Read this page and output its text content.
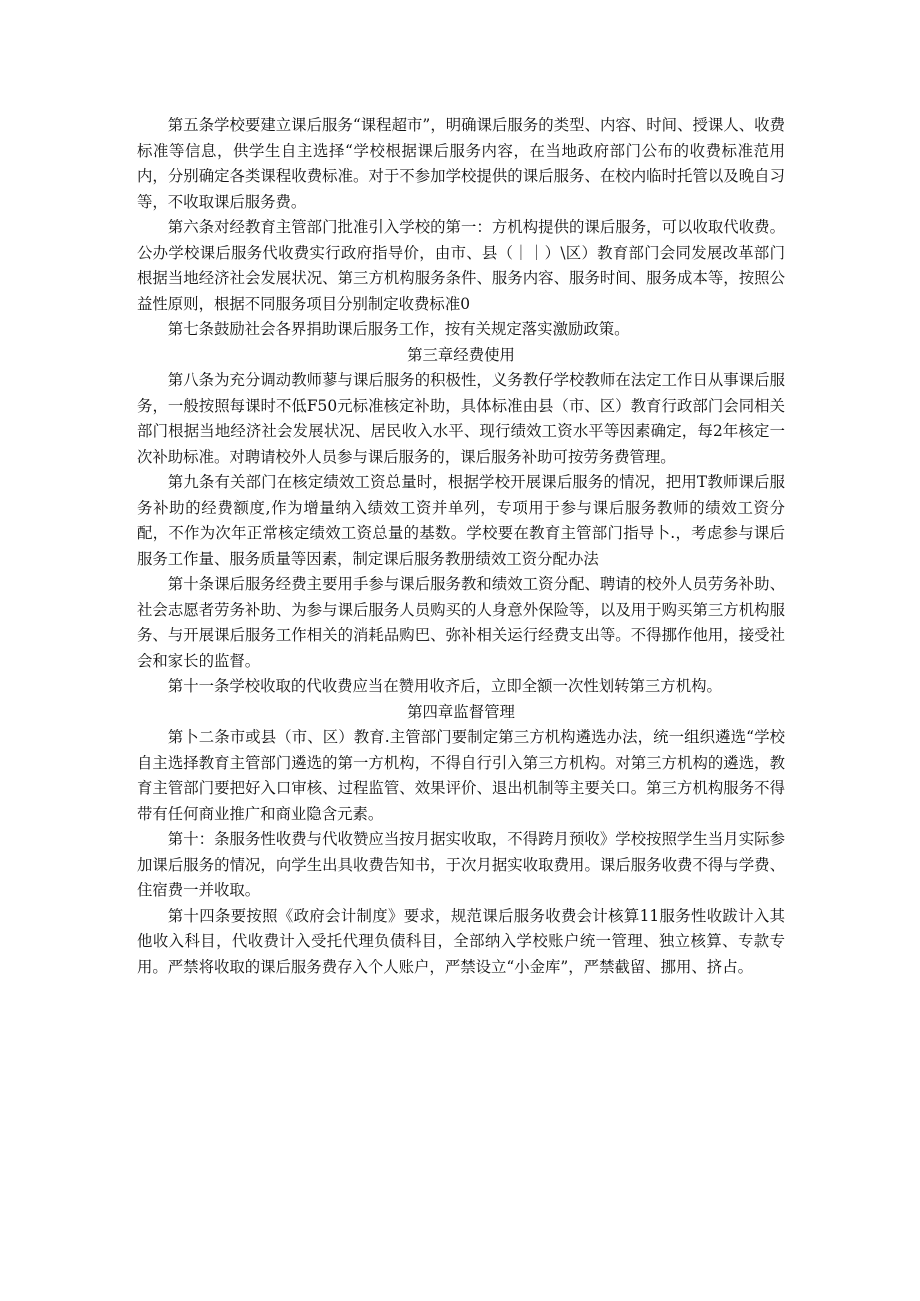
第五条学校要建立课后服务“课程超市”，明确课后服务的类型、内容、时间、授课人、收费标准等信息，供学生自主选择“学校根据课后服务内容，在当地政府部门公布的收费标准范用内，分别确定各类课程收费标准。对于不参加学校提供的课后服务、在校内临时托管以及晚自习等，不收取课后服务费。

第六条对经教育主管部门批准引入学校的第一：方机构提供的课后服务，可以收取代收费。公办学校课后服务代收费实行政府指导价，由市、县（｜｜）\区）教育部门会同发展改革部门根据当地经济社会发展状况、第三方机构服务条件、服务内容、服务时间、服务成本等，按照公益性原则，根据不同服务项目分别制定收费标准0

第七条鼓励社会各界捐助课后服务工作，按有关规定落实激励政策。

第三章经费使用

第八条为充分调动教师蓼与课后服务的积极性，义务教仔学校教师在法定工作日从事课后服务，一般按照每课时不低F50元标准核定补助，具体标准由县（市、区）教育行政部门会同相关部门根据当地经济社会发展状况、居民收入水平、现行绩效工资水平等因素确定，每2年核定一次补助标准。对聘请校外人员参与课后服务的，课后服务补助可按劳务费管理。

第九条有关部门在核定绩效工资总量时，根据学校开展课后服务的情况，把用T教师课后服务补助的经费额度,作为增量纳入绩效工资并单列，专项用于参与课后服务教师的绩效工资分配，不作为次年正常核定绩效工资总量的基数。学校要在教育主管部门指导卜.，考虑参与课后服务工作量、服务质量等因素，制定课后服务教册绩效工资分配办法

第十条课后服务经费主要用手参与课后服务教和绩效工资分配、聘请的校外人员劳务补助、社会志愿者劳务补助、为参与课后服务人员购买的人身意外保险等，以及用于购买第三方机构服务、与开展课后服务工作相关的消耗品购巴、弥补相关运行经费支出等。不得挪作他用，接受社会和家长的监督。

第十一条学校收取的代收费应当在赞用收齐后，立即全额一次性划转第三方机构。

第四章监督管理

第卜二条市或县（市、区）教育.主管部门要制定第三方机构遴选办法，统一组织遴选“学校自主选择教育主管部门遴选的第一方机构，不得自行引入第三方机构。对第三方机构的遴选，教育主管部门要把好入口审核、过程监管、效果评价、退出机制等主要关口。第三方机构服务不得带有任何商业推广和商业隐含元素。

第十：条服务性收费与代收赞应当按月据实收取，不得跨月预收》学校按照学生当月实际参加课后服务的情况，向学生出具收费告知书，于次月据实收取费用。课后服务收费不得与学费、住宿费一并收取。

第十四条要按照《政府会计制度》要求，规范课后服务收费会计核算11服务性收跋计入其他收入科目，代收费计入受托代理负债科目，全部纳入学校账户统一管理、独立核算、专款专用。严禁将收取的课后服务费存入个人账户，严禁设立“小金库”，严禁截留、挪用、挤占。
